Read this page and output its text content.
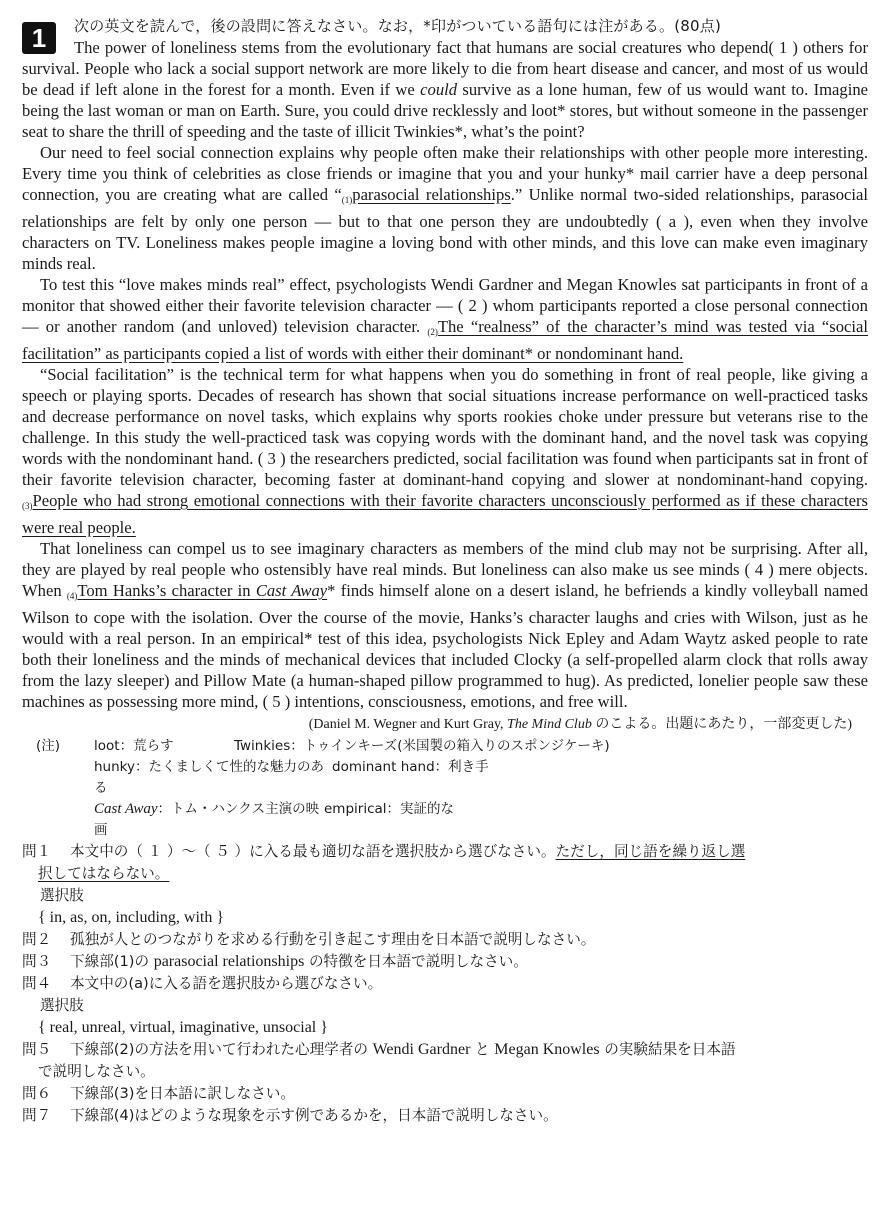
1	次の英文を読んで，後の設問に答えなさい。なお，*印がついている語句には注がある。(80点)

The power of loneliness stems from the evolutionary fact that humans are social creatures who depend( 1 ) others for survival. People who lack a social support network are more likely to die from heart disease and cancer, and most of us would be dead if left alone in the forest for a month. Even if we could survive as a lone human, few of us would want to. Imagine being the last woman or man on Earth. Sure, you could drive recklessly and loot* stores, but without someone in the passenger seat to share the thrill of speeding and the taste of illicit Twinkies*, what’s the point?

Our need to feel social connection explains why people often make their relationships with other people more interesting. Every time you think of celebrities as close friends or imagine that you and your hunky* mail carrier have a deep personal connection, you are creating what are called “(1)parasocial relationships.” Unlike normal two-sided relationships, parasocial relationships are felt by only one person — but to that one person they are undoubtedly ( a ), even when they involve characters on TV. Loneliness makes people imagine a loving bond with other minds, and this love can make even imaginary minds real.

To test this “love makes minds real” effect, psychologists Wendi Gardner and Megan Knowles sat participants in front of a monitor that showed either their favorite television character — ( 2 ) whom participants reported a close personal connection — or another random (and unloved) television character. (2)The “realness” of the character’s mind was tested via “social facilitation” as participants copied a list of words with either their dominant* or nondominant hand.

“Social facilitation” is the technical term for what happens when you do something in front of real people, like giving a speech or playing sports. Decades of research has shown that social situations increase performance on well-practiced tasks and decrease performance on novel tasks, which explains why sports rookies choke under pressure but veterans rise to the challenge. In this study the well-practiced task was copying words with the dominant hand, and the novel task was copying words with the nondominant hand. ( 3 ) the researchers predicted, social facilitation was found when participants sat in front of their favorite television character, becoming faster at dominant-hand copying and slower at nondominant-hand copying. (3)People who had strong emotional connections with their favorite characters unconsciously performed as if these characters were real people.

That loneliness can compel us to see imaginary characters as members of the mind club may not be surprising. After all, they are played by real people who ostensibly have real minds. But loneliness can also make us see minds ( 4 ) mere objects. When (4)Tom Hanks’s character in Cast Away* finds himself alone on a desert island, he befriends a kindly volleyball named Wilson to cope with the isolation. Over the course of the movie, Hanks’s character laughs and cries with Wilson, just as he would with a real person. In an empirical* test of this idea, psychologists Nick Epley and Adam Waytz asked people to rate both their loneliness and the minds of mechanical devices that included Clocky (a self-propelled alarm clock that rolls away from the lazy sleeper) and Pillow Mate (a human-shaped pillow programmed to hug). As predicted, lonelier people saw these machines as possessing more mind, ( 5 ) intentions, consciousness, emotions, and free will.

(Daniel M. Wegner and Kurt Gray, The Mind Club のこよる。出題にあたり，一部変更した)
(注)	loot：荒らす	Twinkies：トゥインキーズ(米国製の箱入りのスポンジケーキ)
hunky：たくましくて性的な魅力のある
dominant hand：利き手
Cast Away：トム・ハンクス主演の映画
empirical：実証的な
問１	本文中の（ １ ）～（ ５ ）に入る最も適切な語を選択肢から選びなさい。ただし，同じ語を繰り返し選
択してはならない。
選択肢
{ in, as, on, including, with }
問２	孤独が人とのつながりを求める行動を引き起こす理由を日本語で説明しなさい。
問３	下線部(1)の parasocial relationships の特徴を日本語で説明しなさい。
問４	本文中の(a)に入る語を選択肢から選びなさい。
選択肢
{ real, unreal, virtual, imaginative, unsocial }
問５	下線部(2)の方法を用いて行われた心理学者の Wendi Gardner と Megan Knowles の実験結果を日本語
で説明しなさい。
問６	下線部(3)を日本語に訳しなさい。
問７	下線部(4)はどのような現象を示す例であるかを，日本語で説明しなさい。
